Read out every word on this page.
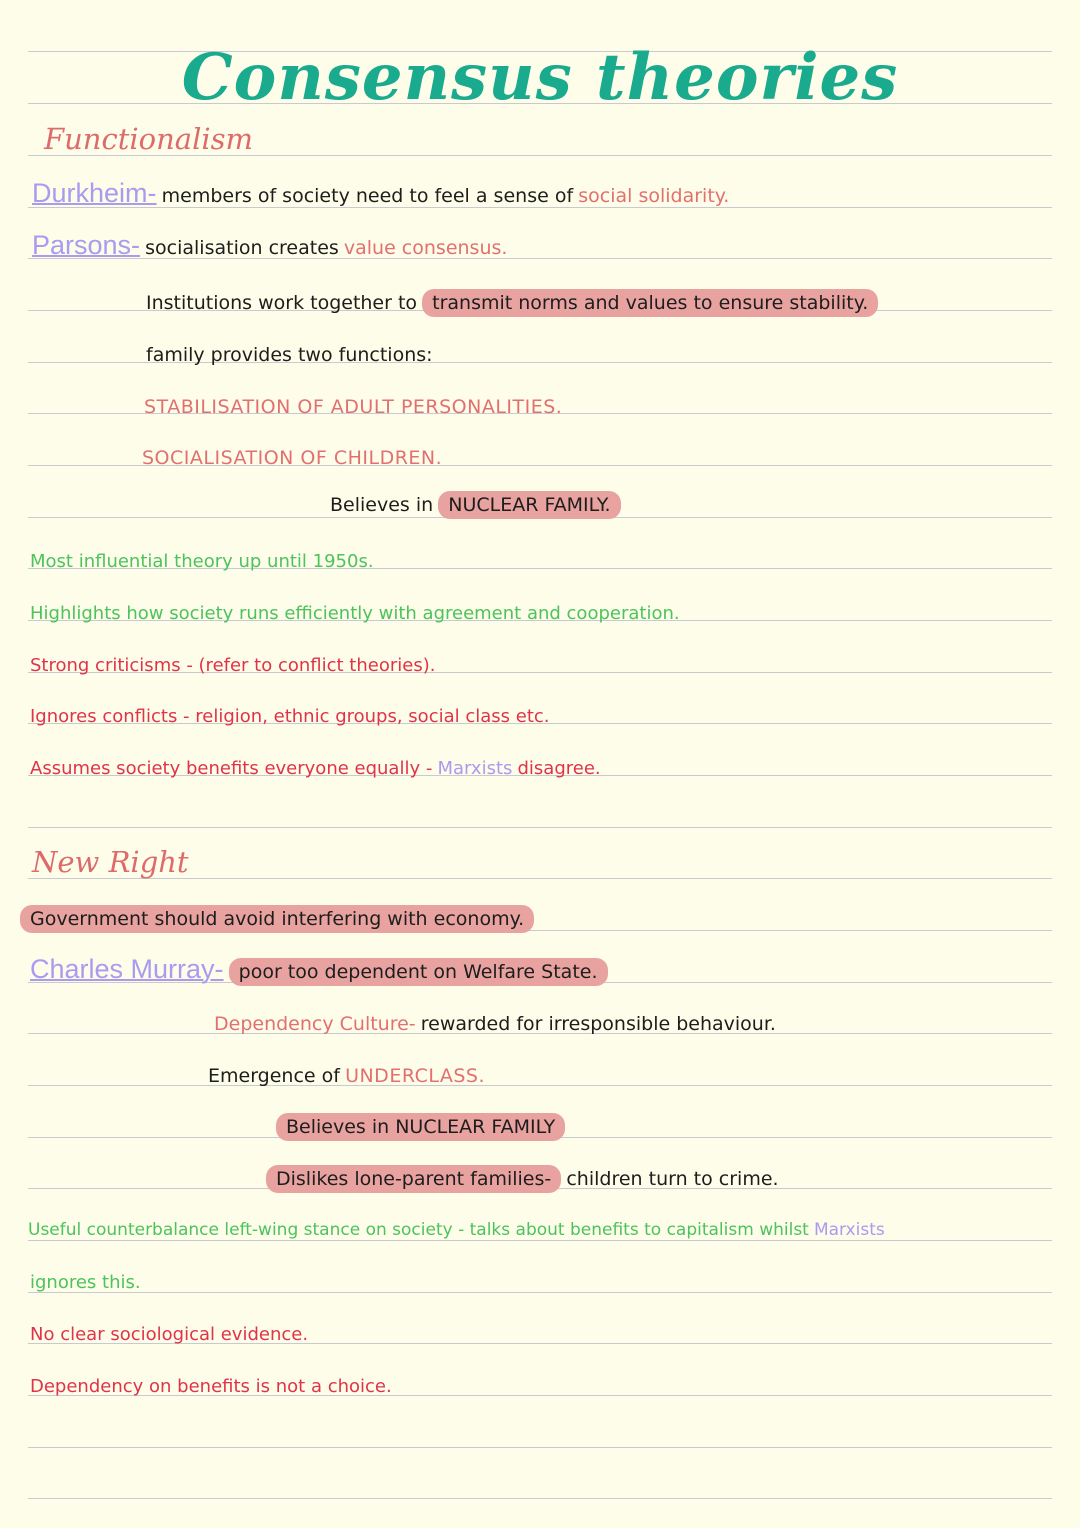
Consensus theories
Functionalism
Durkheim- members of society need to feel a sense of social solidarity.
Parsons- socialisation creates value consensus.
Institutions work together to transmit norms and values to ensure stability.
family provides two functions:
STABILISATION OF ADULT PERSONALITIES.
SOCIALISATION OF CHILDREN.
Believes in NUCLEAR FAMILY.
Most influential theory up until 1950s.
Highlights how society runs efficiently with agreement and cooperation.
Strong criticisms - (refer to conflict theories).
Ignores conflicts - religion, ethnic groups, social class etc.
Assumes society benefits everyone equally - Marxists disagree.
New Right
Government should avoid interfering with economy.
Charles Murray- poor too dependent on Welfare State.
Dependency Culture- rewarded for irresponsible behaviour.
Emergence of UNDERCLASS.
Believes in NUCLEAR FAMILY
Dislikes lone-parent families- children turn to crime.
Useful counterbalance left-wing stance on society - talks about benefits to capitalism whilst Marxists
ignores this.
No clear sociological evidence.
Dependency on benefits is not a choice.
